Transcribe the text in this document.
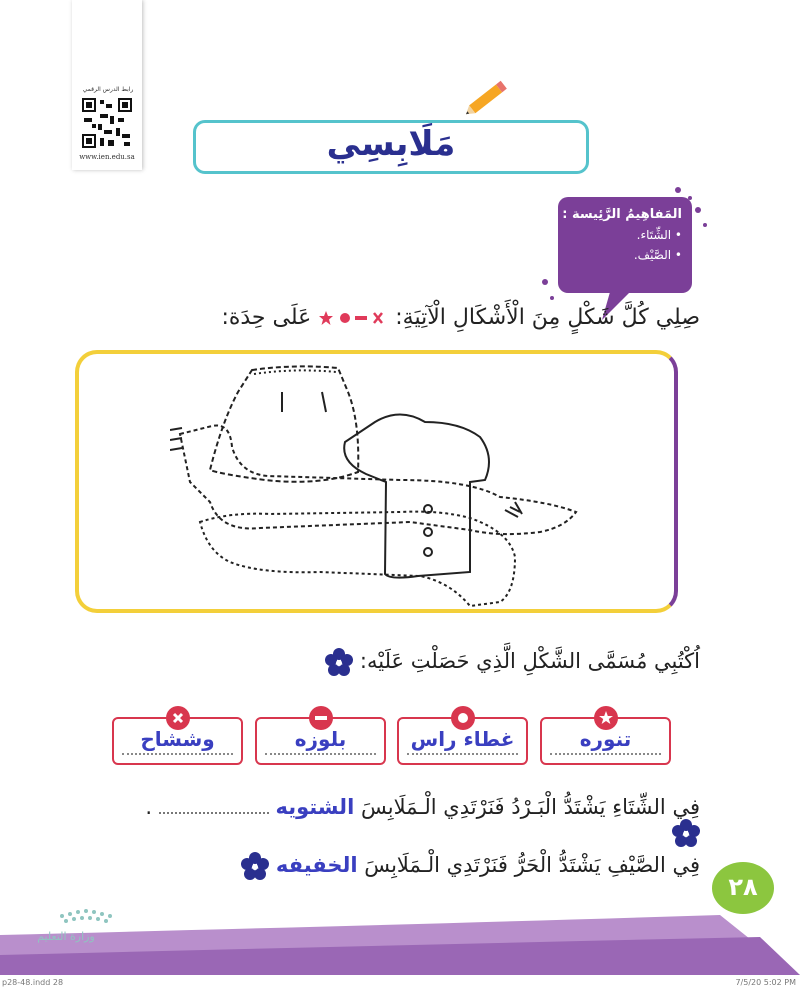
رابط الدرس الرقمي
www.ien.edu.sa	مَلَابِسِي
المَفاهِيمُ الرَّئِيسة :
• الشِّتَاء.
• الصَّيْف.
صِلِي كُلَّ شَكْلٍ مِنَ الْأَشْكَالِ الْآتِيَةِ:  عَلَى حِدَة:
اُكْتُبِي مُسَمَّى الشَّكْلِ الَّذِي حَصَلْتِ عَلَيْه:
تنوره
غطاء راس
بلوزه
وششاح
فِي الشِّتَاءِ يَشْتَدُّ الْبَـرْدُ فَنَرْتَدِي الْـمَلَابِسَ الشتويه  .
فِي الصَّيْفِ يَشْتَدُّ الْحَرُّ فَنَرْتَدِي الْـمَلَابِسَ الخفيفه
٢٨
وزارة التعليم
p28-48.indd 28	7/5/20 5:02 PM
